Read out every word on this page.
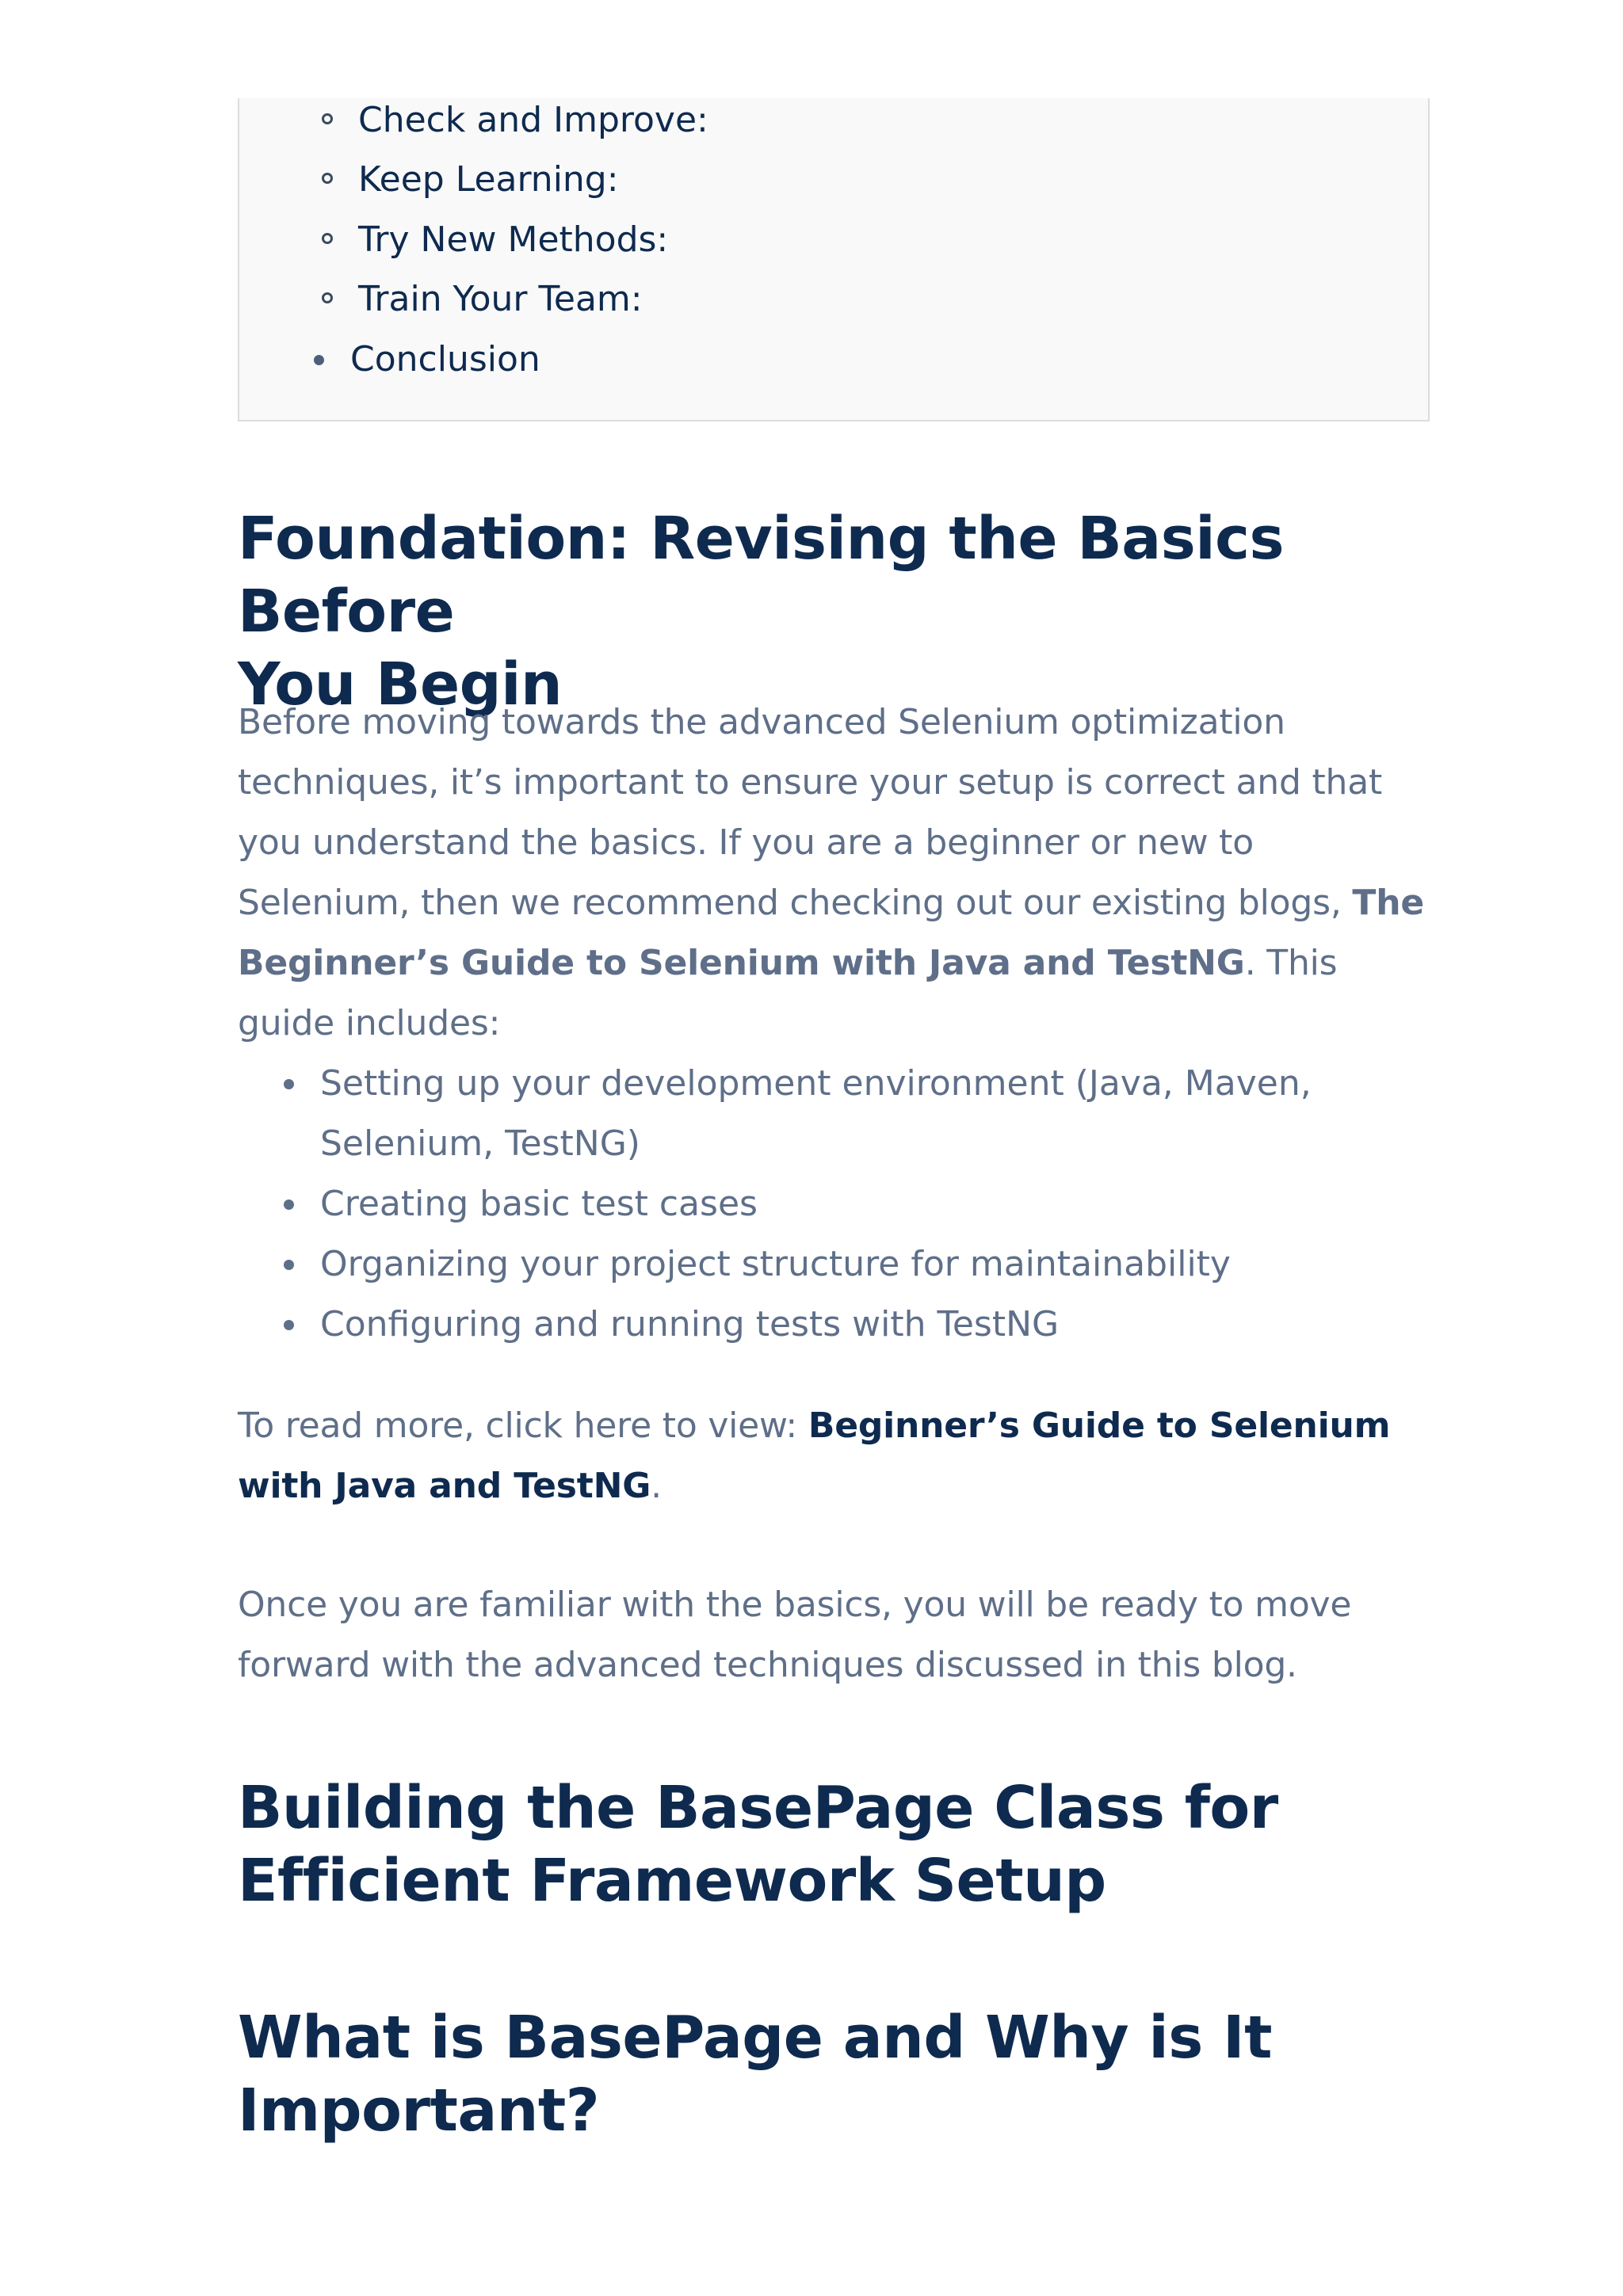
Check and Improve:
Keep Learning:
Try New Methods:
Train Your Team:
Conclusion
Foundation: Revising the Basics Before
You Begin

Before moving towards the advanced Selenium optimization techniques, it’s important to ensure your setup is correct and that you understand the basics. If you are a beginner or new to Selenium, then we recommend checking out our existing blogs, The Beginner’s Guide to Selenium with Java and TestNG. This guide includes:

Setting up your development environment (Java, Maven, Selenium, TestNG)
Creating basic test cases
Organizing your project structure for maintainability
Configuring and running tests with TestNG

To read more, click here to view: Beginner’s Guide to Selenium with Java and TestNG.

Once you are familiar with the basics, you will be ready to move forward with the advanced techniques discussed in this blog.

Building the BasePage Class for
Efficient Framework Setup
What is BasePage and Why is It
Important?
